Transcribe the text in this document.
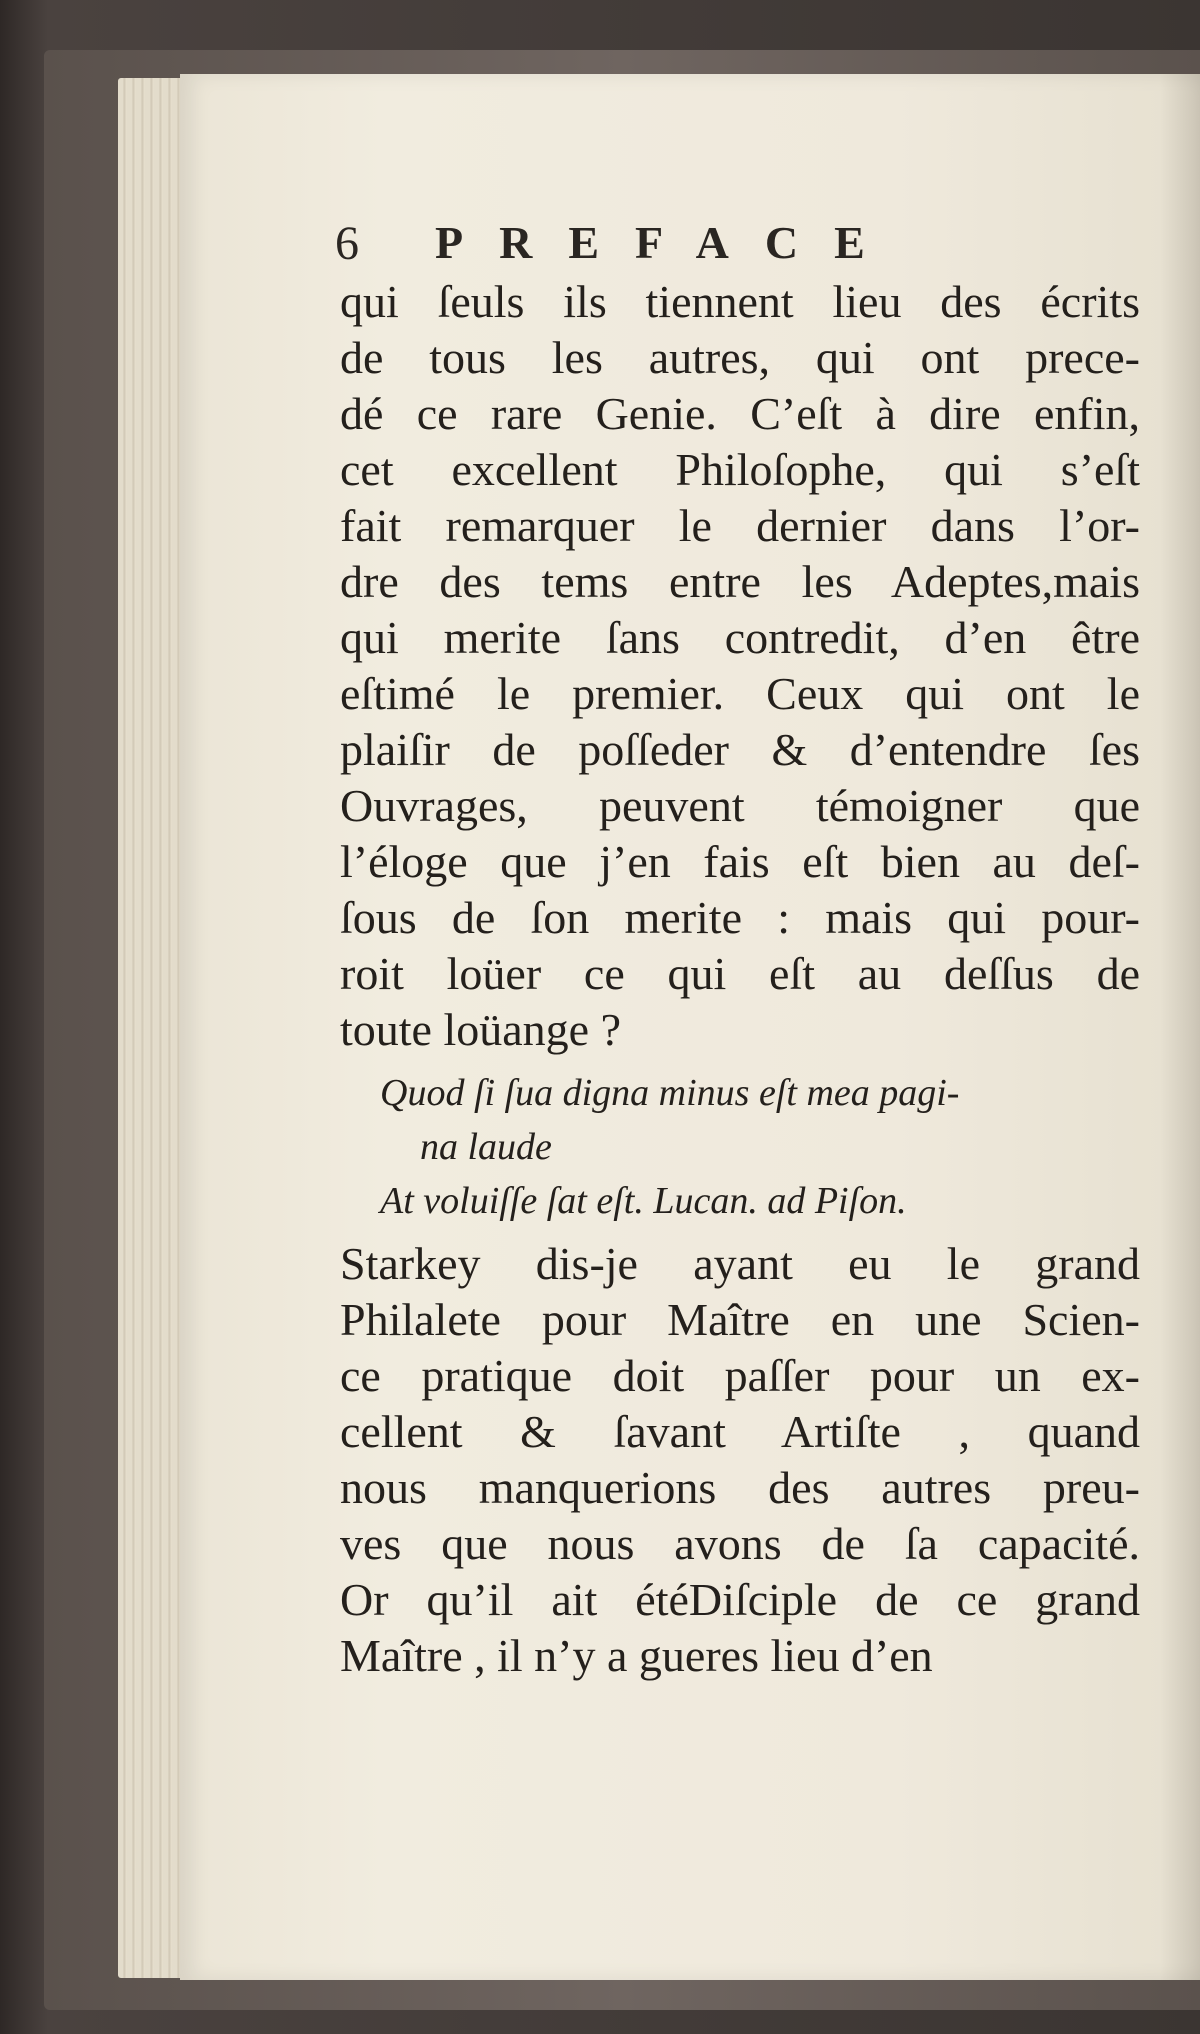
6 PREFACE
qui ſeuls ils tiennent lieu des écrits
de tous les autres, qui ont prece-
dé ce rare Genie. C’eſt à dire enfin,
cet excellent Philoſophe, qui s’eſt
fait remarquer le dernier dans l’or-
dre des tems entre les Adeptes,mais
qui merite ſans contredit, d’en être
eſtimé le premier. Ceux qui ont le
plaiſir de poſſeder & d’entendre ſes
Ouvrages, peuvent témoigner que
l’éloge que j’en fais eſt bien au deſ-
ſous de ſon merite : mais qui pour-
roit loüer ce qui eſt au deſſus de
toute loüange ?
Quod ſi ſua digna minus eſt mea pagi-
na laude
At voluiſſe ſat eſt. Lucan. ad Piſon.
Starkey dis-je ayant eu le grand
Philalete pour Maître en une Scien-
ce pratique doit paſſer pour un ex-
cellent & ſavant Artiſte , quand
nous manquerions des autres preu-
ves que nous avons de ſa capacité.
Or qu’il ait étéDiſciple de ce grand
Maître , il n’y a gueres lieu d’en
